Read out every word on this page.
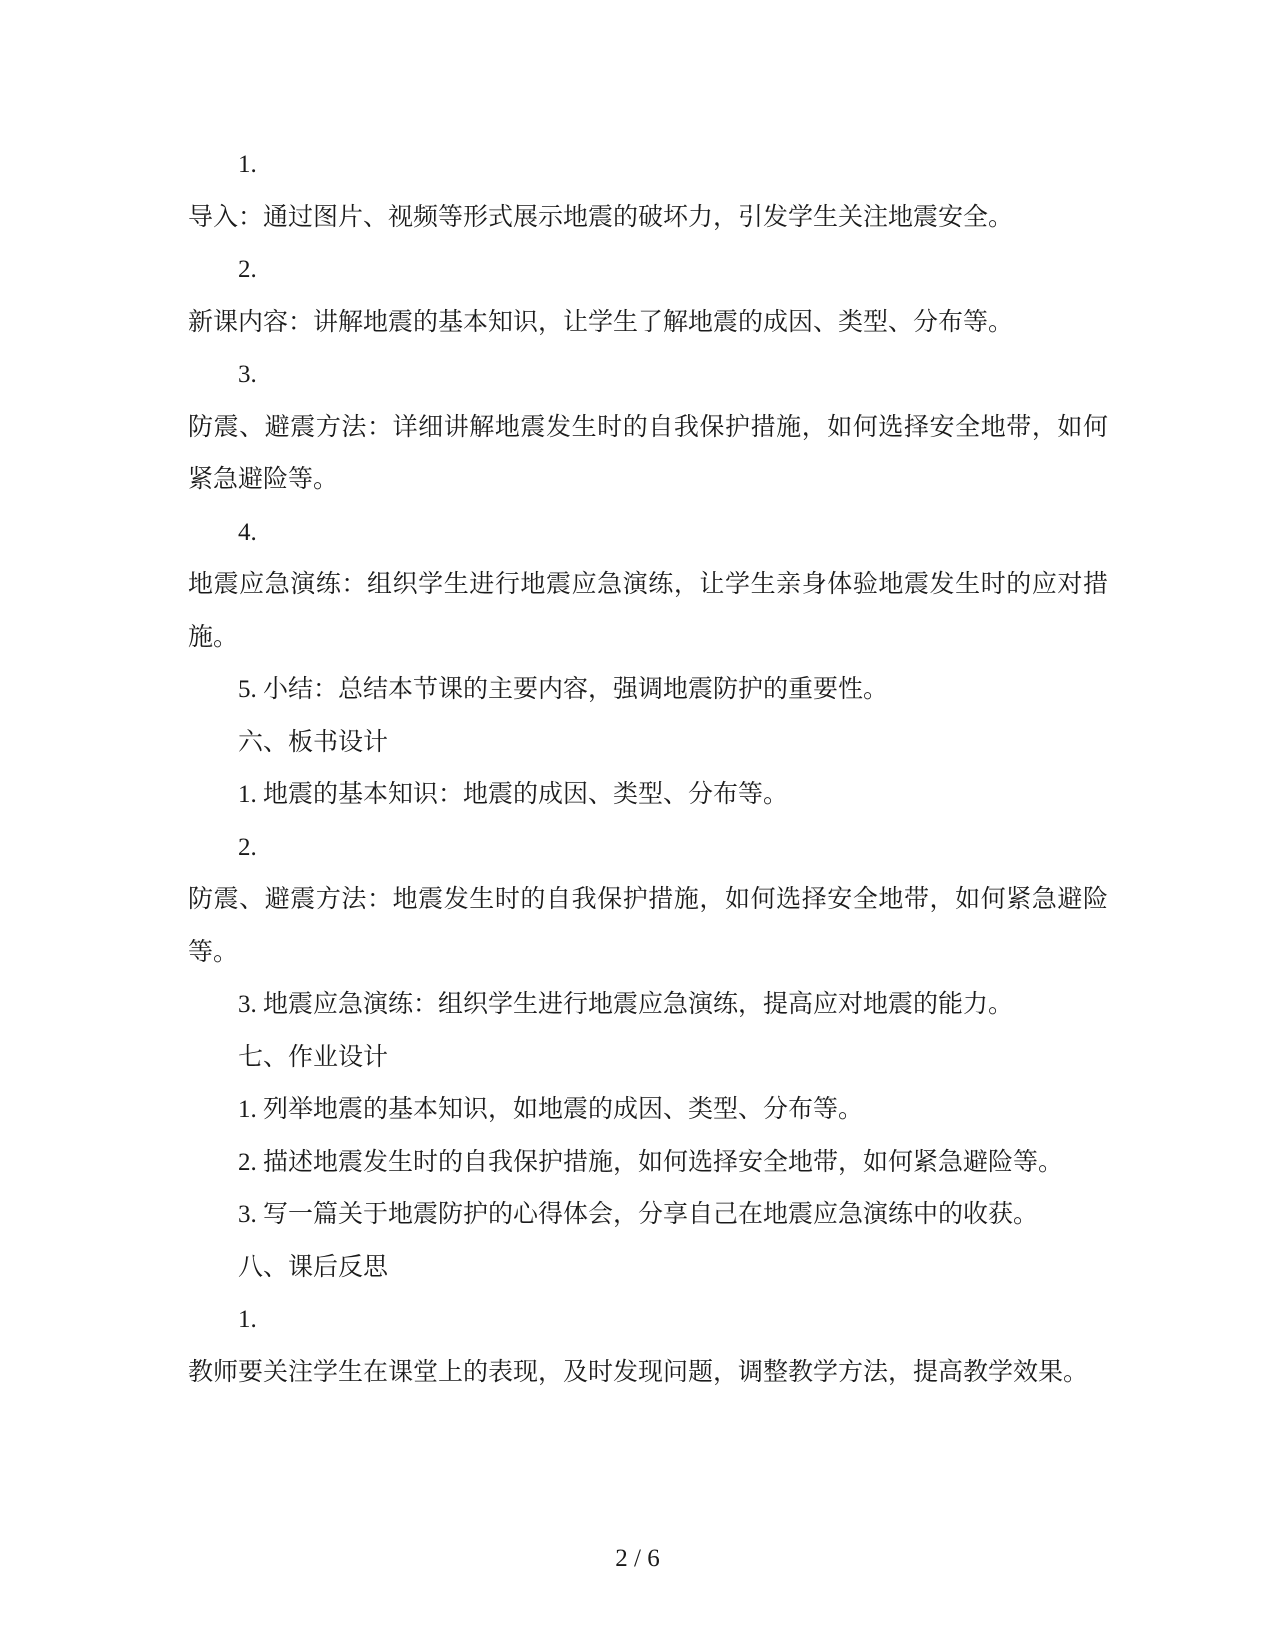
1.

导入：通过图片、视频等形式展示地震的破坏力，引发学生关注地震安全。

2.

新课内容：讲解地震的基本知识，让学生了解地震的成因、类型、分布等。

3.

防震、避震方法：详细讲解地震发生时的自我保护措施，如何选择安全地带，如何紧急避险等。

4.

地震应急演练：组织学生进行地震应急演练，让学生亲身体验地震发生时的应对措施。

5. 小结：总结本节课的主要内容，强调地震防护的重要性。

六、板书设计

1. 地震的基本知识：地震的成因、类型、分布等。

2.

防震、避震方法：地震发生时的自我保护措施，如何选择安全地带，如何紧急避险等。

3. 地震应急演练：组织学生进行地震应急演练，提高应对地震的能力。

七、作业设计

1. 列举地震的基本知识，如地震的成因、类型、分布等。

2. 描述地震发生时的自我保护措施，如何选择安全地带，如何紧急避险等。

3. 写一篇关于地震防护的心得体会，分享自己在地震应急演练中的收获。

八、课后反思

1.

教师要关注学生在课堂上的表现，及时发现问题，调整教学方法，提高教学效果。

2 / 6
